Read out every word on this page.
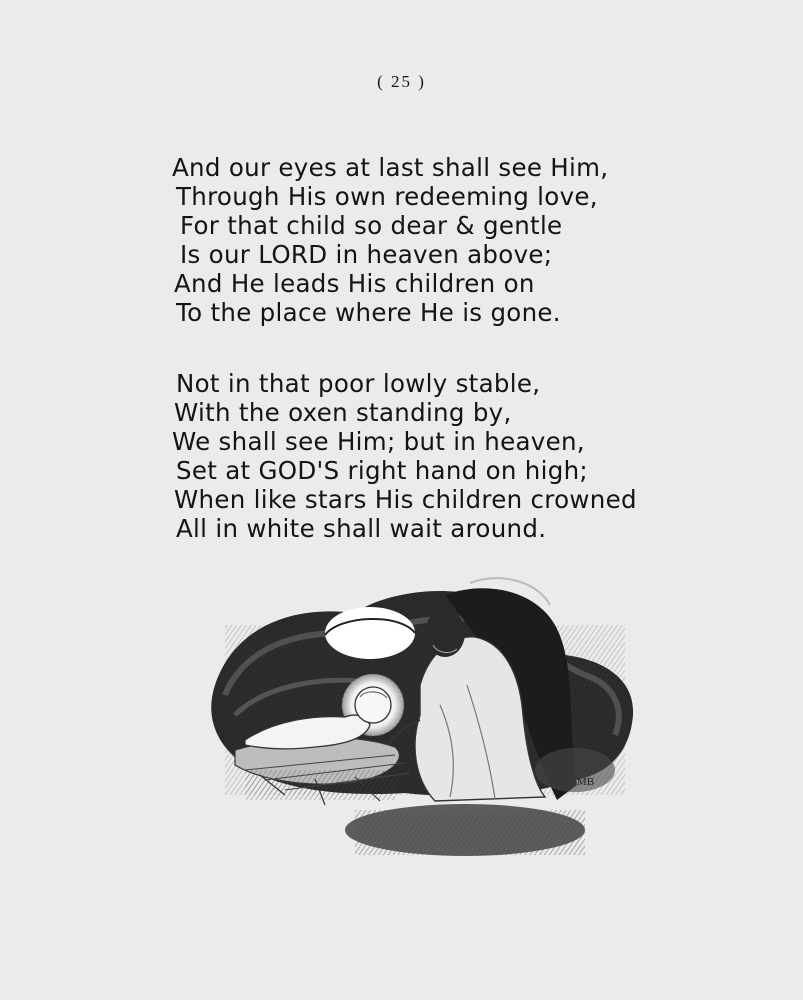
( 25 )
And our eyes at last shall see Him,
Through His own redeeming love,
For that child so dear & gentle
Is our LORD in heaven above;
And He leads His children on
To the place where He is gone.
Not in that poor lowly stable,
With the oxen standing by,
We shall see Him; but in heaven,
Set at GOD'S right hand on high;
When like stars His children crowned
All in white shall wait around.
MB
